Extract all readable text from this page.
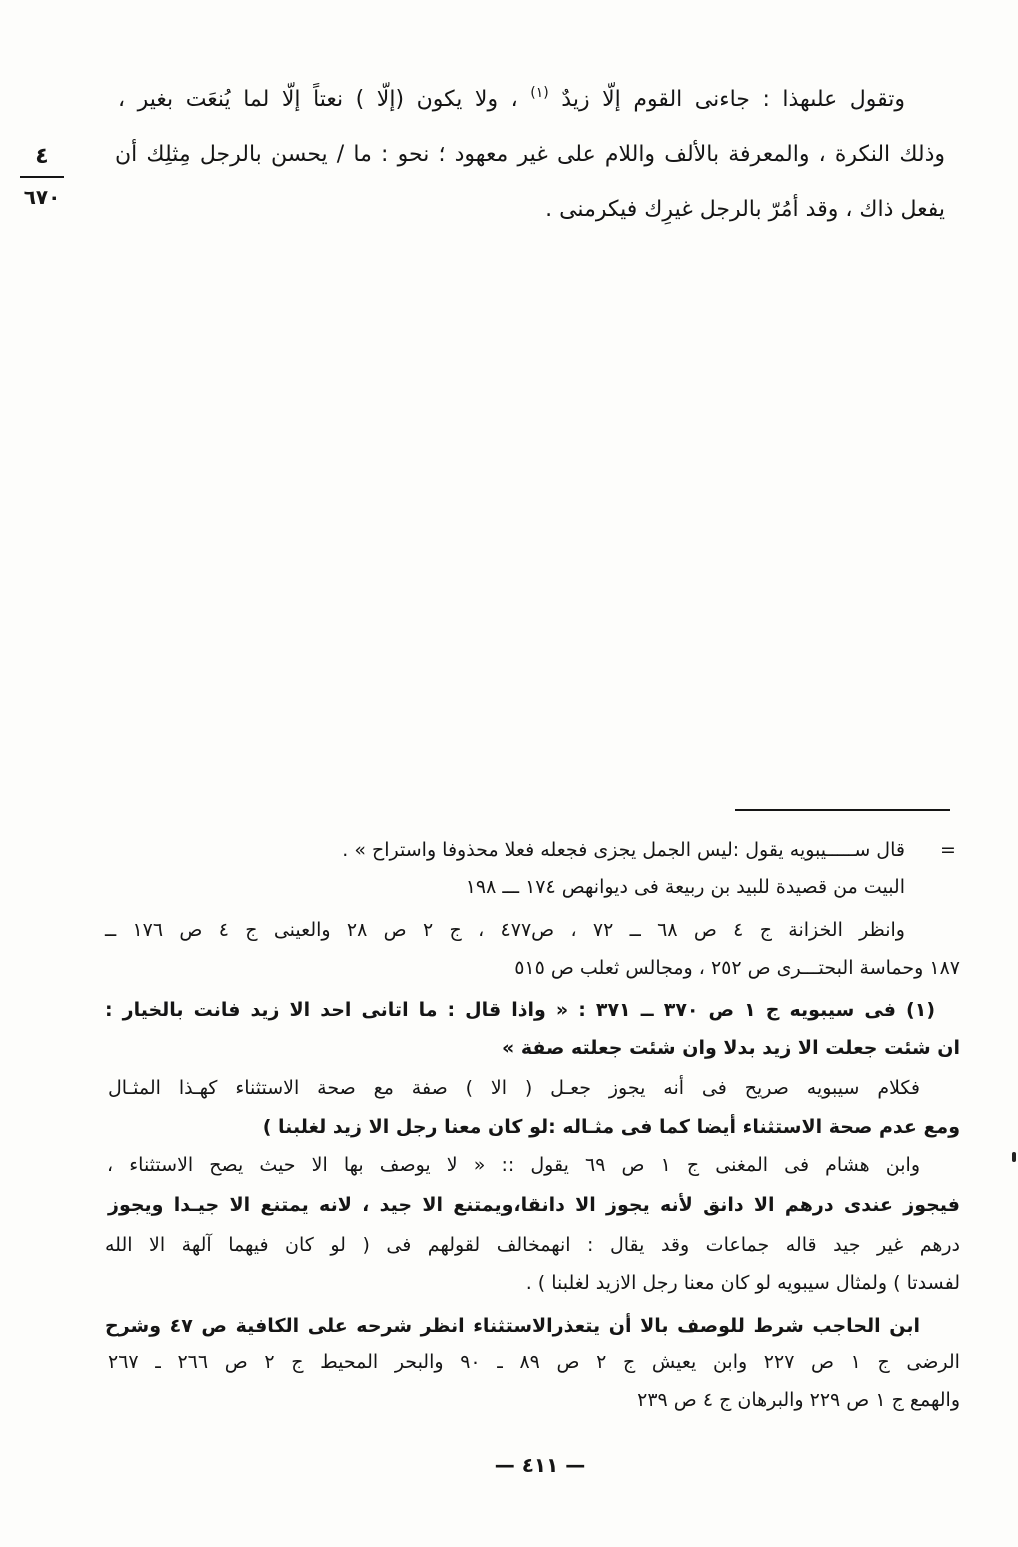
وتقول علىهذا : جاءنى القوم إلّا زيدٌ $^{(١)}$ ، ولا يكون (إلّا ) نعتاً إلّا لما يُنعَت بغير ،
وذلك النكرة ، والمعرفة بالألف واللام على غير معهود ؛ نحو : ما / يحسن بالرجل مِثلِك أن
يفعل ذاك ، وقد أمُرّ بالرجل غيرِك فيكرمنى .
٤
٦٧٠
=
قال ســـــيبويه يقول :ليس الجمل يجزى فجعله فعلا محذوفا واستراح » .
البيت من قصيدة للبيد بن ربيعة فى ديوانهص ١٧٤ ـــ ١٩٨
وانظر الخزانة ج ٤ ص ٦٨ ــ ٧٢ ، ص٤٧٧ ، ج ٢ ص ٢٨ والعينى ج ٤ ص ١٧٦ ــ
١٨٧ وحماسة البحتـــرى ص ٢٥٢ ، ومجالس ثعلب ص ٥١٥
(١) فى سيبويه ج ١ ص ٣٧٠ ــ ٣٧١ : « واذا قال : ما اتانى احد الا زيد فانت بالخيار :
ان شئت جعلت الا زيد بدلا وان شئت جعلته صفة »
فكلام سيبويه صريح فى أنه يجوز جعـل ( الا ) صفة مع صحة الاستثناء كهـذا المثـال
ومع عدم صحة الاستثناء أيضا كما فى مثـاله :لو كان معنا رجل الا زيد لغلبنا )
وابن هشام فى المغنى ج ١ ص ٦٩ يقول :: « لا يوصف بها الا حيث يصح الاستثناء ،
فيجوز عندى درهم الا دانق لأنه يجوز الا دانقا،ويمتنع الا جيد ، لانه يمتنع الا جيـدا ويجوز
درهم غير جيد قاله جماعات وقد يقال : انهمخالف لقولهم فى ( لو كان فيهما آلهة الا الله
لفسدتا ) ولمثال سيبويه لو كان معنا رجل الازيد لغلبنا ) .
ابن الحاجب شرط للوصف بالا أن يتعذرالاستثناء انظر شرحه على الكافية ص ٤٧ وشرح
الرضى ج ١ ص ٢٢٧ وابن يعيش ج ٢ ص ٨٩ ـ ٩٠ والبحر المحيط ج ٢ ص ٢٦٦ ـ ٢٦٧
والهمع ج ١ ص ٢٢٩ والبرهان ج ٤ ص ٢٣٩
— ٤١١ —
